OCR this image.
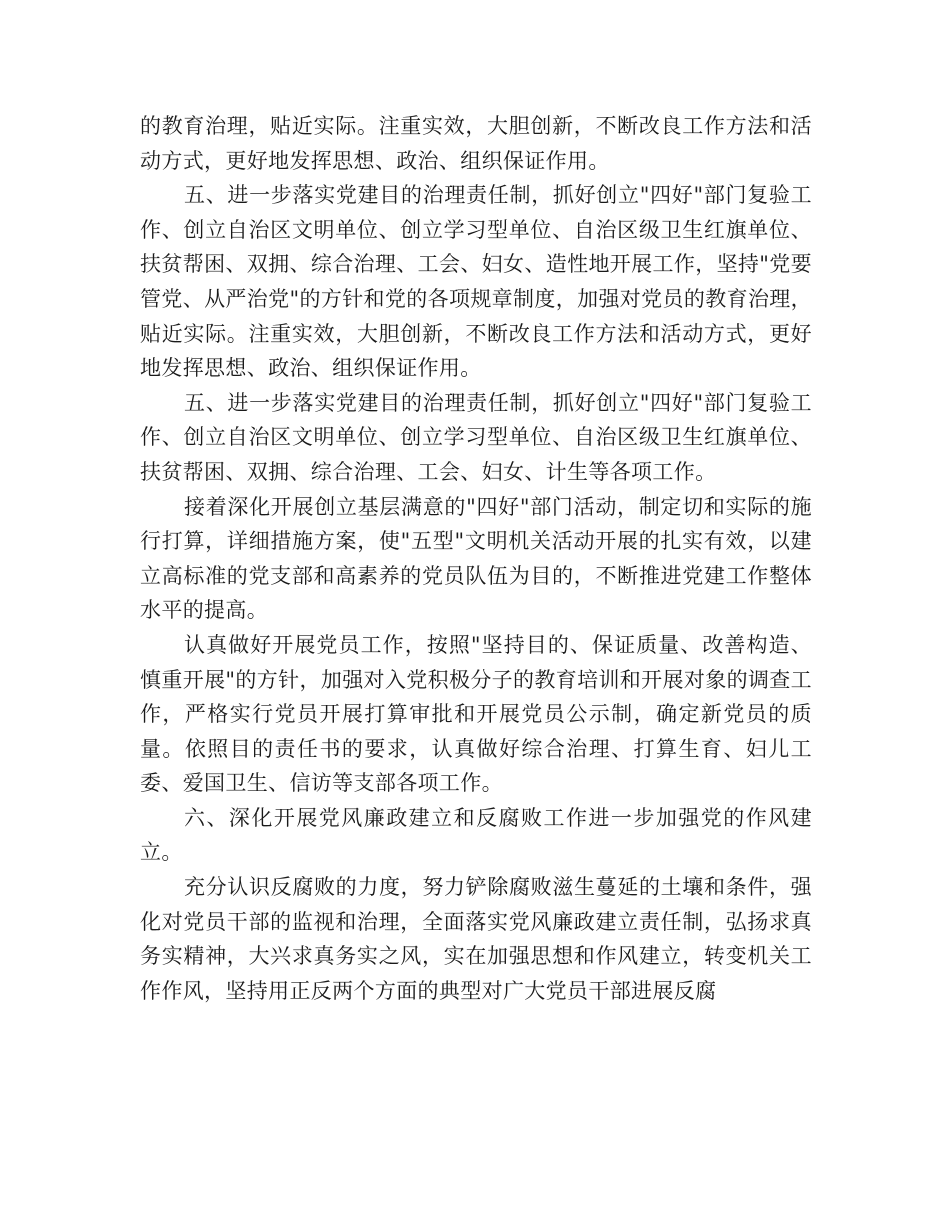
的教育治理，贴近实际。注重实效，大胆创新，不断改良工作方法和活动方式，更好地发挥思想、政治、组织保证作用。

五、进一步落实党建目的治理责任制，抓好创立"四好"部门复验工作、创立自治区文明单位、创立学习型单位、自治区级卫生红旗单位、扶贫帮困、双拥、综合治理、工会、妇女、造性地开展工作，坚持"党要管党、从严治党"的方针和党的各项规章制度，加强对党员的教育治理，贴近实际。注重实效，大胆创新，不断改良工作方法和活动方式，更好地发挥思想、政治、组织保证作用。

五、进一步落实党建目的治理责任制，抓好创立"四好"部门复验工作、创立自治区文明单位、创立学习型单位、自治区级卫生红旗单位、扶贫帮困、双拥、综合治理、工会、妇女、计生等各项工作。

接着深化开展创立基层满意的"四好"部门活动，制定切和实际的施行打算，详细措施方案，使"五型"文明机关活动开展的扎实有效，以建立高标准的党支部和高素养的党员队伍为目的，不断推进党建工作整体水平的提高。

认真做好开展党员工作，按照"坚持目的、保证质量、改善构造、慎重开展"的方针，加强对入党积极分子的教育培训和开展对象的调查工作，严格实行党员开展打算审批和开展党员公示制，确定新党员的质量。依照目的责任书的要求，认真做好综合治理、打算生育、妇儿工委、爱国卫生、信访等支部各项工作。

六、深化开展党风廉政建立和反腐败工作进一步加强党的作风建立。

充分认识反腐败的力度，努力铲除腐败滋生蔓延的土壤和条件，强化对党员干部的监视和治理，全面落实党风廉政建立责任制，弘扬求真务实精神，大兴求真务实之风，实在加强思想和作风建立，转变机关工作作风，坚持用正反两个方面的典型对广大党员干部进展反腐
